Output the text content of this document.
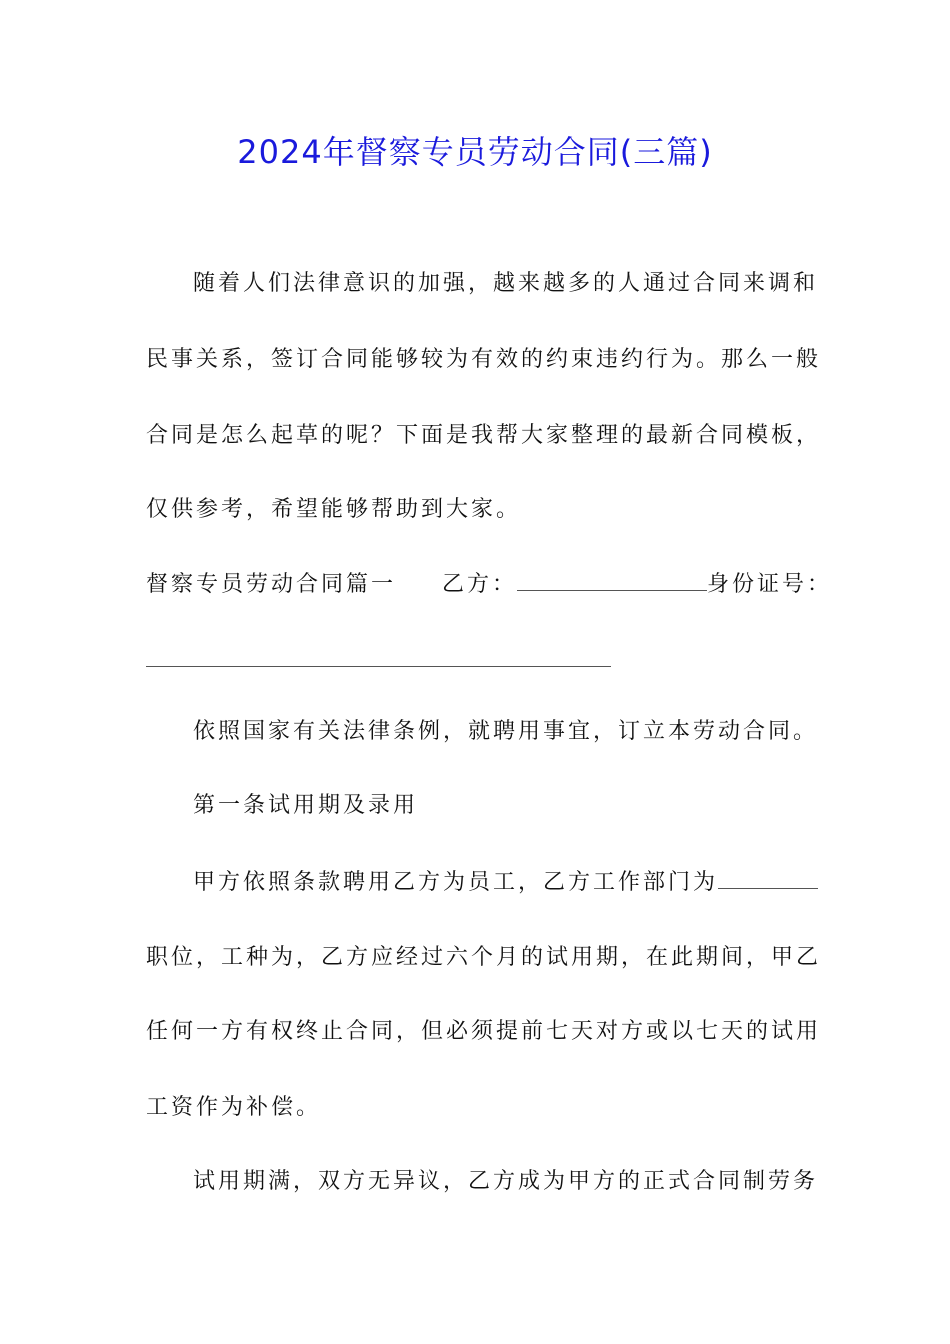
2024年督察专员劳动合同(三篇)
随着人们法律意识的加强，越来越多的人通过合同来调和
民事关系，签订合同能够较为有效的约束违约行为。那么一般
合同是怎么起草的呢？下面是我帮大家整理的最新合同模板，
仅供参考，希望能够帮助到大家。
督察专员劳动合同篇一 乙方：	身份证号：
依照国家有关法律条例，就聘用事宜，订立本劳动合同。
第一条试用期及录用
甲方依照条款聘用乙方为员工，乙方工作部门为
职位，工种为，乙方应经过六个月的试用期，在此期间，甲乙
任何一方有权终止合同，但必须提前七天对方或以七天的试用
工资作为补偿。
试用期满，双方无异议，乙方成为甲方的正式合同制劳务
